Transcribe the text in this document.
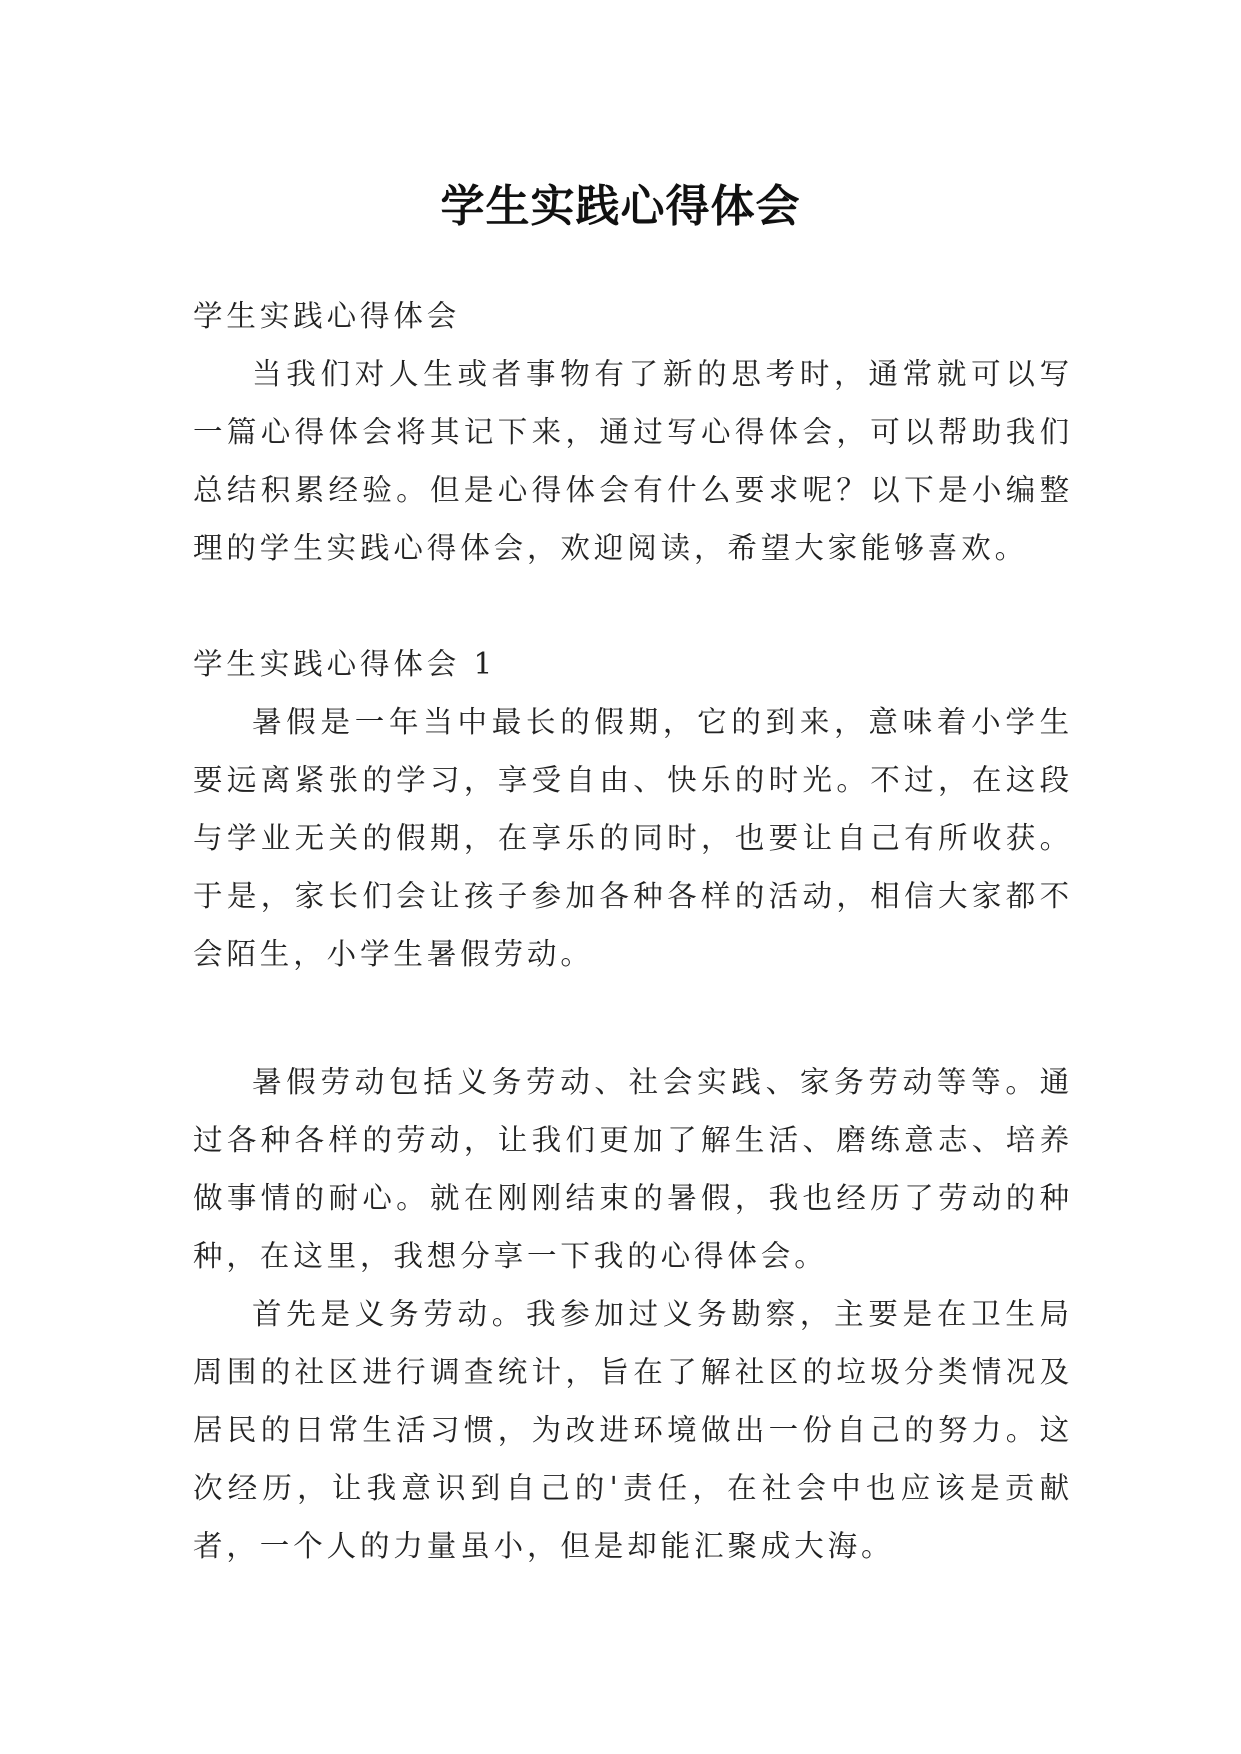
学生实践心得体会

学生实践心得体会

当我们对人生或者事物有了新的思考时，通常就可以写一篇心得体会将其记下来，通过写心得体会，可以帮助我们总结积累经验。但是心得体会有什么要求呢？以下是小编整理的学生实践心得体会，欢迎阅读，希望大家能够喜欢。

学生实践心得体会 1

暑假是一年当中最长的假期，它的到来，意味着小学生要远离紧张的学习，享受自由、快乐的时光。不过，在这段与学业无关的假期，在享乐的同时，也要让自己有所收获。于是，家长们会让孩子参加各种各样的活动，相信大家都不会陌生，小学生暑假劳动。

暑假劳动包括义务劳动、社会实践、家务劳动等等。通过各种各样的劳动，让我们更加了解生活、磨练意志、培养做事情的耐心。就在刚刚结束的暑假，我也经历了劳动的种种，在这里，我想分享一下我的心得体会。

首先是义务劳动。我参加过义务勘察，主要是在卫生局周围的社区进行调查统计，旨在了解社区的垃圾分类情况及居民的日常生活习惯，为改进环境做出一份自己的努力。这次经历，让我意识到自己的'责任，在社会中也应该是贡献者，一个人的力量虽小，但是却能汇聚成大海。
